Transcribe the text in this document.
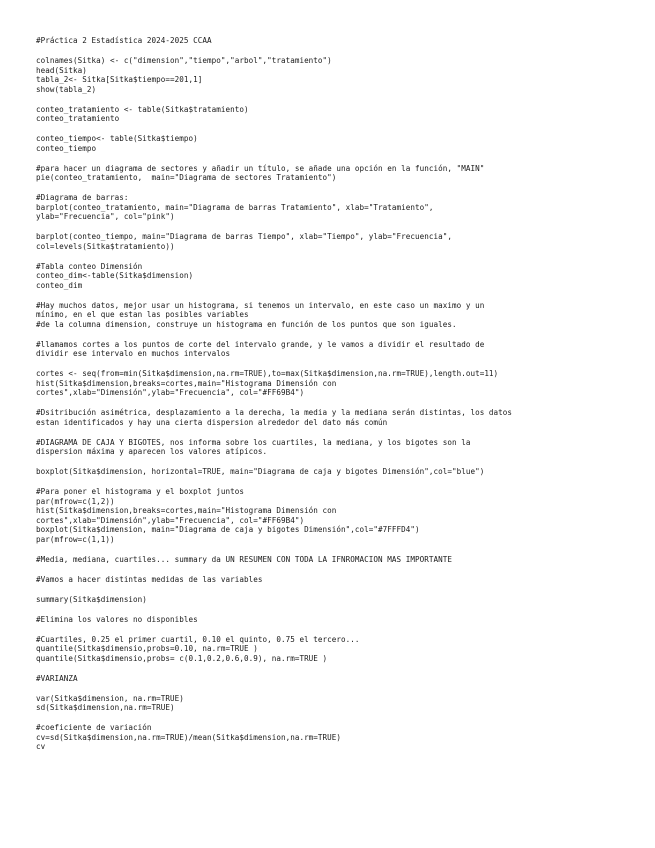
#Práctica 2 Estadística 2024-2025 CCAA
colnames(Sitka) <- c("dimension","tiempo","arbol","tratamiento")
head(Sitka)
tabla_2<- Sitka[Sitka$tiempo==201,1]
show(tabla_2)
conteo_tratamiento <- table(Sitka$tratamiento)
conteo_tratamiento
conteo_tiempo<- table(Sitka$tiempo)
conteo_tiempo
#para hacer un diagrama de sectores y añadir un título, se añade una opción en la función, "MAIN"
pie(conteo_tratamiento,  main="Diagrama de sectores Tratamiento")
#Diagrama de barras:
barplot(conteo_tratamiento, main="Diagrama de barras Tratamiento", xlab="Tratamiento",
ylab="Frecuencia", col="pink")
barplot(conteo_tiempo, main="Diagrama de barras Tiempo", xlab="Tiempo", ylab="Frecuencia",
col=levels(Sitka$tratamiento))
#Tabla conteo Dimensión
conteo_dim<-table(Sitka$dimension)
conteo_dim
#Hay muchos datos, mejor usar un histograma, si tenemos un intervalo, en este caso un maximo y un
mínimo, en el que estan las posibles variables
#de la columna dimension, construye un histograma en función de los puntos que son iguales.
#llamamos cortes a los puntos de corte del intervalo grande, y le vamos a dividir el resultado de
dividir ese intervalo en muchos intervalos
cortes <- seq(from=min(Sitka$dimension,na.rm=TRUE),to=max(Sitka$dimension,na.rm=TRUE),length.out=11)
hist(Sitka$dimension,breaks=cortes,main="Histograma Dimensión con
cortes",xlab="Dimensión",ylab="Frecuencia", col="#FF69B4")
#Dsitribución asimétrica, desplazamiento a la derecha, la media y la mediana serán distintas, los datos
estan identificados y hay una cierta dispersion alrededor del dato más común
#DIAGRAMA DE CAJA Y BIGOTES, nos informa sobre los cuartiles, la mediana, y los bigotes son la
dispersion máxima y aparecen los valores atípicos.
boxplot(Sitka$dimension, horizontal=TRUE, main="Diagrama de caja y bigotes Dimensión",col="blue")
#Para poner el histograma y el boxplot juntos
par(mfrow=c(1,2))
hist(Sitka$dimension,breaks=cortes,main="Histograma Dimensión con
cortes",xlab="Dimensión",ylab="Frecuencia", col="#FF69B4")
boxplot(Sitka$dimension, main="Diagrama de caja y bigotes Dimensión",col="#7FFFD4")
par(mfrow=c(1,1))
#Media, mediana, cuartiles... summary da UN RESUMEN CON TODA LA IFNROMACION MAS IMPORTANTE
#Vamos a hacer distintas medidas de las variables
summary(Sitka$dimension)
#Elimina los valores no disponibles
#Cuartiles, 0.25 el primer cuartil, 0.10 el quinto, 0.75 el tercero...
quantile(Sitka$dimensio,probs=0.10, na.rm=TRUE )
quantile(Sitka$dimensio,probs= c(0.1,0.2,0.6,0.9), na.rm=TRUE )
#VARIANZA
var(Sitka$dimension, na.rm=TRUE)
sd(Sitka$dimension,na.rm=TRUE)
#coeficiente de variación
cv=sd(Sitka$dimension,na.rm=TRUE)/mean(Sitka$dimension,na.rm=TRUE)
cv
